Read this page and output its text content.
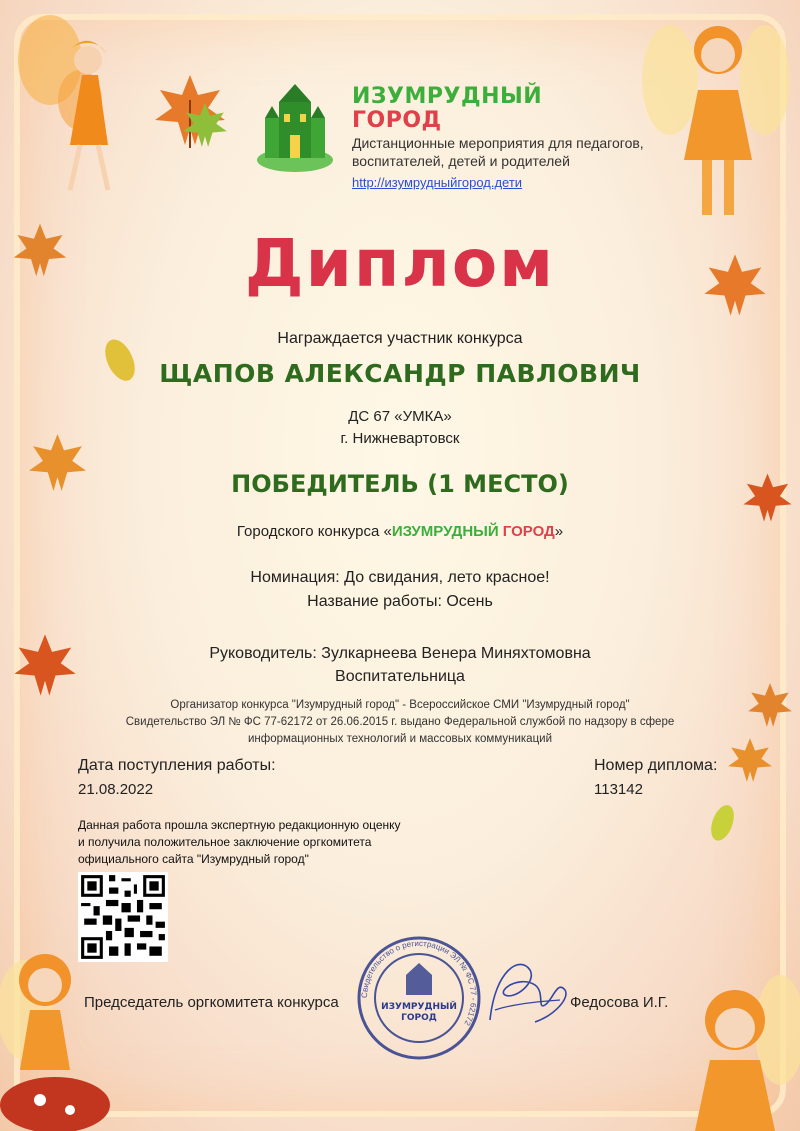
ИЗУМРУДНЫЙ
ГОРОД
Дистанционные мероприятия для педагогов,
воспитателей, детей и родителей
http://изумрудныйгород.дети
Диплом
Награждается участник конкурса
ЩАПОВ АЛЕКСАНДР ПАВЛОВИЧ
ДС 67 «УМКА»
г. Нижневартовск
ПОБЕДИТЕЛЬ (1 МЕСТО)
Городского конкурса «ИЗУМРУДНЫЙ ГОРОД»
Номинация: До свидания, лето красное!
Название работы: Осень
Руководитель: Зулкарнеева Венера Миняхтомовна
Воспитательница
Организатор конкурса "Изумрудный город" - Всероссийское СМИ "Изумрудный город"
Свидетельство ЭЛ № ФС 77-62172 от 26.06.2015 г. выдано Федеральной службой по надзору в сфере
информационных технологий и массовых коммуникаций
Дата поступления работы:
21.08.2022
Номер диплома:
113142
Данная работа прошла экспертную редакционную оценку
и получила положительное заключение оргкомитета
официального сайта "Изумрудный город"
Председатель оргкомитета конкурса	Федосова И.Г.
Свидетельство о регистрации ЭЛ № ФС 77 - 62172
ИЗУМРУДНЫЙ
ГОРОД
